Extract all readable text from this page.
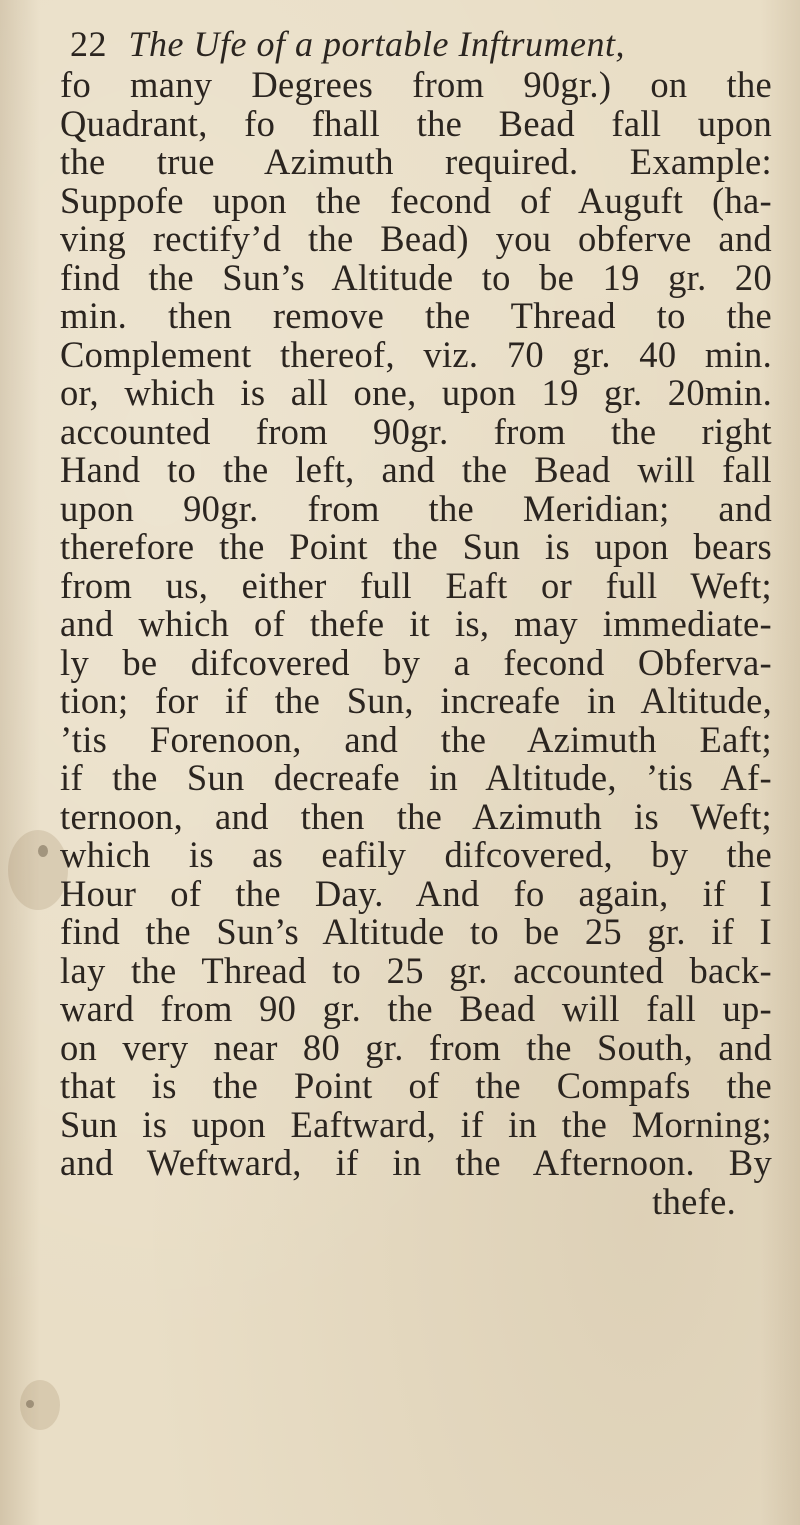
22 The Ufe of a portable Inftrument,
fo many Degrees from 90gr.) on the
Quadrant, fo fhall the Bead fall upon
the true Azimuth required. Example:
Suppofe upon the fecond of Auguft (ha-
ving rectify’d the Bead) you obferve and
find the Sun’s Altitude to be 19 gr. 20
min. then remove the Thread to the
Complement thereof, viz. 70 gr. 40 min.
or, which is all one, upon 19 gr. 20min.
accounted from 90gr. from the right
Hand to the left, and the Bead will fall
upon 90gr. from the Meridian; and
therefore the Point the Sun is upon bears
from us, either full Eaft or full Weft;
and which of thefe it is, may immediate-
ly be difcovered by a fecond Obferva-
tion; for if the Sun, increafe in Altitude,
’tis Forenoon, and the Azimuth Eaft;
if the Sun decreafe in Altitude, ’tis Af-
ternoon, and then the Azimuth is Weft;
which is as eafily difcovered, by the
Hour of the Day. And fo again, if I
find the Sun’s Altitude to be 25 gr. if I
lay the Thread to 25 gr. accounted back-
ward from 90 gr. the Bead will fall up-
on very near 80 gr. from the South, and
that is the Point of the Compafs the
Sun is upon Eaftward, if in the Morning;
and Weftward, if in the Afternoon. By
thefe.
